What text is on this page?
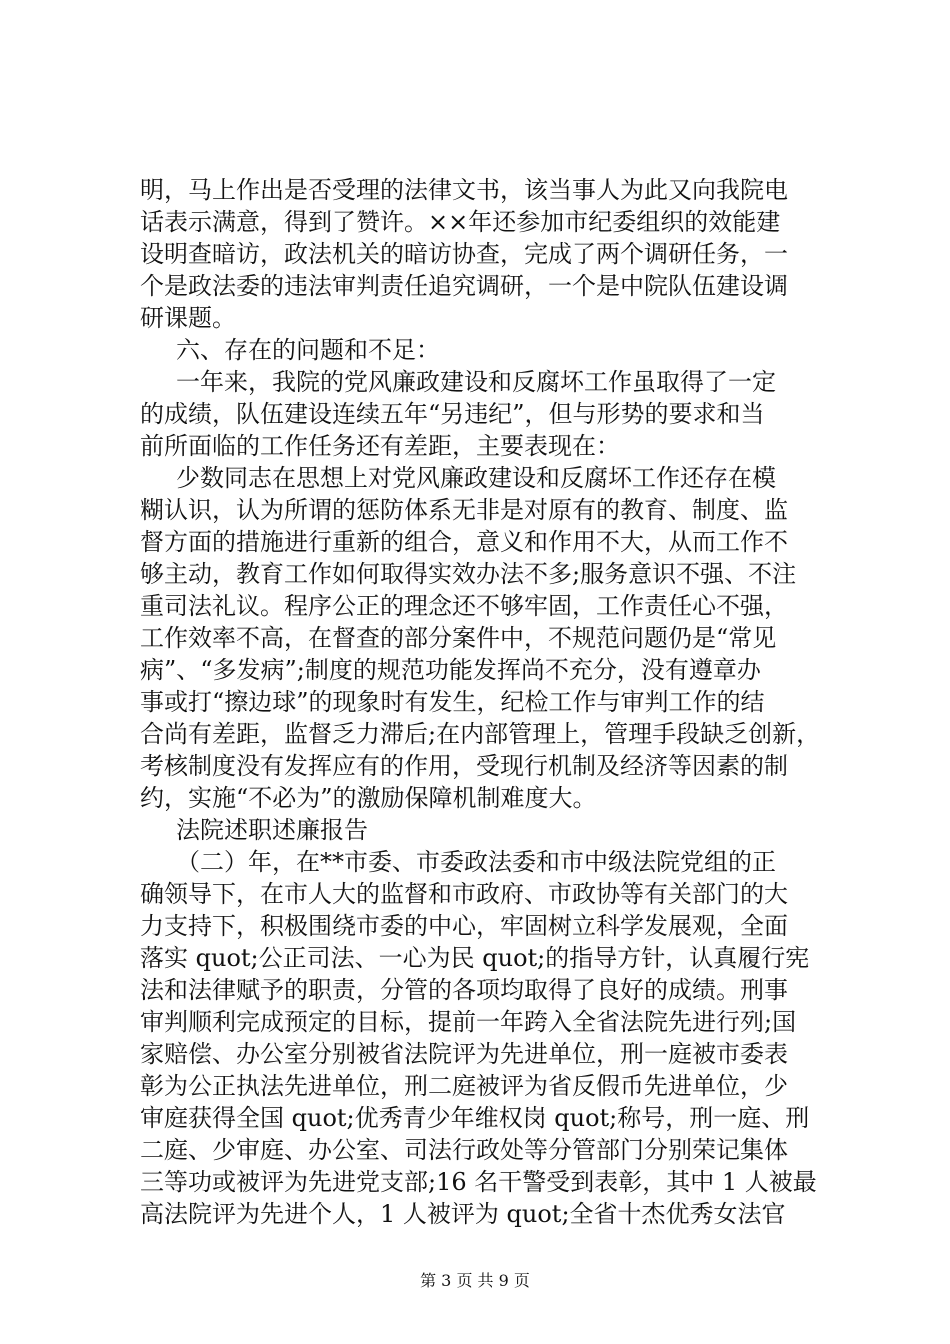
明，马上作出是否受理的法律文书，该当事人为此又向我院电
话表示满意，得到了赞许。××年还参加市纪委组织的效能建
设明查暗访，政法机关的暗访协查，完成了两个调研任务，一
个是政法委的违法审判责任追究调研，一个是中院队伍建设调
研课题。
六、存在的问题和不足：
一年来，我院的党风廉政建设和反腐坏工作虽取得了一定
的成绩，队伍建设连续五年“另违纪”，但与形势的要求和当
前所面临的工作任务还有差距，主要表现在：
少数同志在思想上对党风廉政建设和反腐坏工作还存在模
糊认识，认为所谓的惩防体系无非是对原有的教育、制度、监
督方面的措施进行重新的组合，意义和作用不大，从而工作不
够主动，教育工作如何取得实效办法不多;服务意识不强、不注
重司法礼议。程序公正的理念还不够牢固，工作责任心不强，
工作效率不高，在督查的部分案件中，不规范问题仍是“常见
病”、“多发病”;制度的规范功能发挥尚不充分，没有遵章办
事或打“擦边球”的现象时有发生，纪检工作与审判工作的结
合尚有差距，监督乏力滞后;在内部管理上，管理手段缺乏创新，
考核制度没有发挥应有的作用，受现行机制及经济等因素的制
约，实施“不必为”的激励保障机制难度大。
法院述职述廉报告
（二）年，在**市委、市委政法委和市中级法院党组的正
确领导下，在市人大的监督和市政府、市政协等有关部门的大
力支持下，积极围绕市委的中心，牢固树立科学发展观，全面
落实 quot;公正司法、一心为民 quot;的指导方针，认真履行宪
法和法律赋予的职责，分管的各项均取得了良好的成绩。刑事
审判顺利完成预定的目标，提前一年跨入全省法院先进行列;国
家赔偿、办公室分别被省法院评为先进单位，刑一庭被市委表
彰为公正执法先进单位，刑二庭被评为省反假币先进单位，少
审庭获得全国 quot;优秀青少年维权岗 quot;称号，刑一庭、刑
二庭、少审庭、办公室、司法行政处等分管部门分别荣记集体
三等功或被评为先进党支部;16 名干警受到表彰，其中 1 人被最
高法院评为先进个人，1 人被评为 quot;全省十杰优秀女法官
第 3 页 共 9 页
